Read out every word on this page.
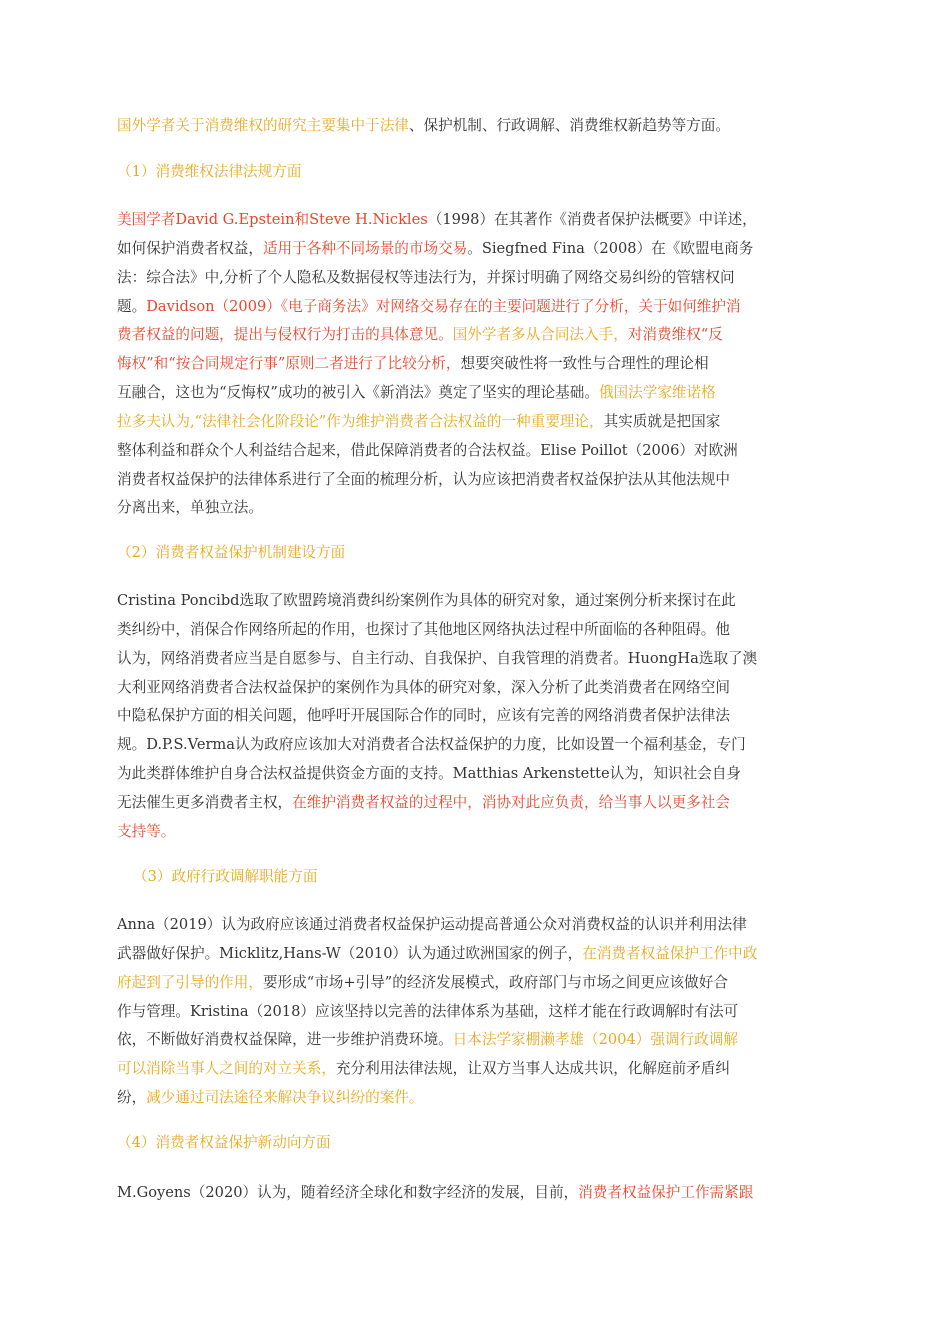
国外学者关于消费维权的研究主要集中于法律、保护机制、行政调解、消费维权新趋势等方面。
（1）消费维权法律法规方面
美国学者David G.Epstein和Steve H.Nickles（1998）在其著作《消费者保护法概要》中详述，
如何保护消费者权益，适用于各种不同场景的市场交易。Siegfned Fina（2008）在《欧盟电商务
法：综合法》中,分析了个人隐私及数据侵权等违法行为，并探讨明确了网络交易纠纷的管辖权问
题。Davidson（2009）《电子商务法》对网络交易存在的主要问题进行了分析，关于如何维护消
费者权益的问题，提出与侵权行为打击的具体意见。国外学者多从合同法入手，对消费维权“反
悔权”和“按合同规定行事”原则二者进行了比较分析，想要突破性将一致性与合理性的理论相
互融合，这也为“反悔权”成功的被引入《新消法》奠定了坚实的理论基础。俄国法学家维诺格
拉多夫认为,“法律社会化阶段论”作为维护消费者合法权益的一种重要理论，其实质就是把国家
整体利益和群众个人利益结合起来，借此保障消费者的合法权益。Elise Poillot（2006）对欧洲
消费者权益保护的法律体系进行了全面的梳理分析，认为应该把消费者权益保护法从其他法规中
分离出来，单独立法。
（2）消费者权益保护机制建设方面
Cristina Poncibd选取了欧盟跨境消费纠纷案例作为具体的研究对象，通过案例分析来探讨在此
类纠纷中，消保合作网络所起的作用，也探讨了其他地区网络执法过程中所面临的各种阻碍。他
认为，网络消费者应当是自愿参与、自主行动、自我保护、自我管理的消费者。HuongHa选取了澳
大利亚网络消费者合法权益保护的案例作为具体的研究对象，深入分析了此类消费者在网络空间
中隐私保护方面的相关问题，他呼吁开展国际合作的同时，应该有完善的网络消费者保护法律法
规。D.P.S.Verma认为政府应该加大对消费者合法权益保护的力度，比如设置一个福利基金，专门
为此类群体维护自身合法权益提供资金方面的支持。Matthias Arkenstette认为，知识社会自身
无法催生更多消费者主权，在维护消费者权益的过程中，消协对此应负责，给当事人以更多社会
支持等。
（3）政府行政调解职能方面
Anna（2019）认为政府应该通过消费者权益保护运动提高普通公众对消费权益的认识并利用法律
武器做好保护。Micklitz,Hans-W（2010）认为通过欧洲国家的例子，在消费者权益保护工作中政
府起到了引导的作用，要形成“市场+引导”的经济发展模式，政府部门与市场之间更应该做好合
作与管理。Kristina（2018）应该坚持以完善的法律体系为基础，这样才能在行政调解时有法可
依，不断做好消费权益保障，进一步维护消费环境。日本法学家棚濑孝雄（2004）强调行政调解
可以消除当事人之间的对立关系，充分利用法律法规，让双方当事人达成共识，化解庭前矛盾纠
纷，减少通过司法途径来解决争议纠纷的案件。
（4）消费者权益保护新动向方面
M.Goyens（2020）认为，随着经济全球化和数字经济的发展，目前，消费者权益保护工作需紧跟
